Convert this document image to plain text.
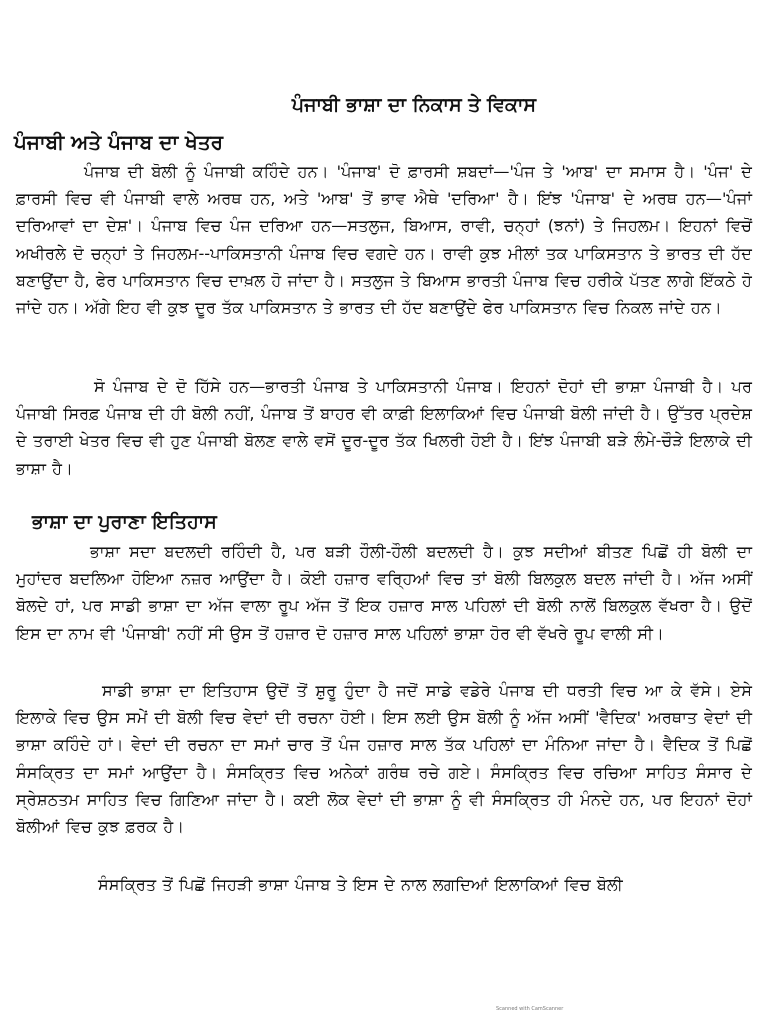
ਪੰਜਾਬੀ ਭਾਸ਼ਾ ਦਾ ਨਿਕਾਸ ਤੇ ਵਿਕਾਸ
ਪੰਜਾਬੀ ਅਤੇ ਪੰਜਾਬ ਦਾ ਖੇਤਰ

ਪੰਜਾਬ ਦੀ ਬੋਲੀ ਨੂੰ ਪੰਜਾਬੀ ਕਹਿੰਦੇ ਹਨ। 'ਪੰਜਾਬ' ਦੋ ਫ਼ਾਰਸੀ ਸ਼ਬਦਾਂ—'ਪੰਜ ਤੇ 'ਆਬ' ਦਾ ਸਮਾਸ ਹੈ। 'ਪੰਜ' ਦੇ ਫ਼ਾਰਸੀ ਵਿਚ ਵੀ ਪੰਜਾਬੀ ਵਾਲੇ ਅਰਥ ਹਨ, ਅਤੇ 'ਆਬ' ਤੋਂ ਭਾਵ ਐਥੇ 'ਦਰਿਆ' ਹੈ। ਇਂਝ 'ਪੰਜਾਬ' ਦੇ ਅਰਥ ਹਨ—'ਪੰਜਾਂ ਦਰਿਆਵਾਂ ਦਾ ਦੇਸ਼'। ਪੰਜਾਬ ਵਿਚ ਪੰਜ ਦਰਿਆ ਹਨ—ਸਤਲੁਜ, ਬਿਆਸ, ਰਾਵੀ, ਚਨ੍ਹਾਂ (ਝਨਾਂ) ਤੇ ਜਿਹਲਮ। ਇਹਨਾਂ ਵਿਚੋਂ ਅਖੀਰਲੇ ਦੋ ਚਨ੍ਹਾਂ ਤੇ ਜਿਹਲਮ--ਪਾਕਿਸਤਾਨੀ ਪੰਜਾਬ ਵਿਚ ਵਗਦੇ ਹਨ। ਰਾਵੀ ਕੁਝ ਮੀਲਾਂ ਤਕ ਪਾਕਿਸਤਾਨ ਤੇ ਭਾਰਤ ਦੀ ਹੱਦ ਬਣਾਉਂਦਾ ਹੈ, ਫੇਰ ਪਾਕਿਸਤਾਨ ਵਿਚ ਦਾਖ਼ਲ ਹੋ ਜਾਂਦਾ ਹੈ। ਸਤਲੁਜ ਤੇ ਬਿਆਸ ਭਾਰਤੀ ਪੰਜਾਬ ਵਿਚ ਹਰੀਕੇ ਪੱਤਣ ਲਾਗੇ ਇੱਕਠੇ ਹੋ ਜਾਂਦੇ ਹਨ। ਅੱਗੇ ਇਹ ਵੀ ਕੁਝ ਦੂਰ ਤੱਕ ਪਾਕਿਸਤਾਨ ਤੇ ਭਾਰਤ ਦੀ ਹੱਦ ਬਣਾਉਂਦੇ ਫੇਰ ਪਾਕਿਸਤਾਨ ਵਿਚ ਨਿਕਲ ਜਾਂਦੇ ਹਨ।

ਸੋ ਪੰਜਾਬ ਦੇ ਦੋ ਹਿੱਸੇ ਹਨ—ਭਾਰਤੀ ਪੰਜਾਬ ਤੇ ਪਾਕਿਸਤਾਨੀ ਪੰਜਾਬ। ਇਹਨਾਂ ਦੋਹਾਂ ਦੀ ਭਾਸ਼ਾ ਪੰਜਾਬੀ ਹੈ। ਪਰ ਪੰਜਾਬੀ ਸਿਰਫ਼ ਪੰਜਾਬ ਦੀ ਹੀ ਬੋਲੀ ਨਹੀਂ, ਪੰਜਾਬ ਤੋਂ ਬਾਹਰ ਵੀ ਕਾਫ਼ੀ ਇਲਾਕਿਆਂ ਵਿਚ ਪੰਜਾਬੀ ਬੋਲੀ ਜਾਂਦੀ ਹੈ। ਉੱਤਰ ਪ੍ਰਦੇਸ਼ ਦੇ ਤਰਾਈ ਖੇਤਰ ਵਿਚ ਵੀ ਹੁਣ ਪੰਜਾਬੀ ਬੋਲਣ ਵਾਲੇ ਵਸੋਂ ਦੂਰ-ਦੂਰ ਤੱਕ ਖਿਲਰੀ ਹੋਈ ਹੈ। ਇਂਝ ਪੰਜਾਬੀ ਬੜੇ ਲੰਮੇ-ਚੌੜੇ ਇਲਾਕੇ ਦੀ ਭਾਸ਼ਾ ਹੈ।

ਭਾਸ਼ਾ ਦਾ ਪੁਰਾਣਾ ਇਤਿਹਾਸ

ਭਾਸ਼ਾ ਸਦਾ ਬਦਲਦੀ ਰਹਿੰਦੀ ਹੈ, ਪਰ ਬੜੀ ਹੌਲੀ-ਹੌਲੀ ਬਦਲਦੀ ਹੈ। ਕੁਝ ਸਦੀਆਂ ਬੀਤਣ ਪਿਛੋਂ ਹੀ ਬੋਲੀ ਦਾ ਮੁਹਾਂਦਰ ਬਦਲਿਆ ਹੋਇਆ ਨਜ਼ਰ ਆਉਂਦਾ ਹੈ। ਕੋਈ ਹਜ਼ਾਰ ਵਰ੍ਹਿਆਂ ਵਿਚ ਤਾਂ ਬੋਲੀ ਬਿਲਕੁਲ ਬਦਲ ਜਾਂਦੀ ਹੈ। ਅੱਜ ਅਸੀਂ ਬੋਲਦੇ ਹਾਂ, ਪਰ ਸਾਡੀ ਭਾਸ਼ਾ ਦਾ ਅੱਜ ਵਾਲਾ ਰੂਪ ਅੱਜ ਤੋਂ ਇਕ ਹਜ਼ਾਰ ਸਾਲ ਪਹਿਲਾਂ ਦੀ ਬੋਲੀ ਨਾਲੋਂ ਬਿਲਕੁਲ ਵੱਖਰਾ ਹੈ। ਉਦੋਂ ਇਸ ਦਾ ਨਾਮ ਵੀ 'ਪੰਜਾਬੀ' ਨਹੀਂ ਸੀ ਉਸ ਤੋਂ ਹਜ਼ਾਰ ਦੋ ਹਜ਼ਾਰ ਸਾਲ ਪਹਿਲਾਂ ਭਾਸ਼ਾ ਹੋਰ ਵੀ ਵੱਖਰੇ ਰੂਪ ਵਾਲੀ ਸੀ।

ਸਾਡੀ ਭਾਸ਼ਾ ਦਾ ਇਤਿਹਾਸ ਉਦੋਂ ਤੋਂ ਸ਼ੁਰੂ ਹੁੰਦਾ ਹੈ ਜਦੋਂ ਸਾਡੇ ਵਡੇਰੇ ਪੰਜਾਬ ਦੀ ਧਰਤੀ ਵਿਚ ਆ ਕੇ ਵੱਸੇ। ਏਸੇ ਇਲਾਕੇ ਵਿਚ ਉਸ ਸਮੇਂ ਦੀ ਬੋਲੀ ਵਿਚ ਵੇਦਾਂ ਦੀ ਰਚਨਾ ਹੋਈ। ਇਸ ਲਈ ਉਸ ਬੋਲੀ ਨੂੰ ਅੱਜ ਅਸੀਂ 'ਵੈਦਿਕ' ਅਰਥਾਤ ਵੇਦਾਂ ਦੀ ਭਾਸ਼ਾ ਕਹਿੰਦੇ ਹਾਂ। ਵੇਦਾਂ ਦੀ ਰਚਨਾ ਦਾ ਸਮਾਂ ਚਾਰ ਤੋਂ ਪੰਜ ਹਜ਼ਾਰ ਸਾਲ ਤੱਕ ਪਹਿਲਾਂ ਦਾ ਮੰਨਿਆ ਜਾਂਦਾ ਹੈ। ਵੈਦਿਕ ਤੋਂ ਪਿਛੋਂ ਸੰਸਕ੍ਰਿਤ ਦਾ ਸਮਾਂ ਆਉਂਦਾ ਹੈ। ਸੰਸਕ੍ਰਿਤ ਵਿਚ ਅਨੇਕਾਂ ਗਰੰਥ ਰਚੇ ਗਏ। ਸੰਸਕ੍ਰਿਤ ਵਿਚ ਰਚਿਆ ਸਾਹਿਤ ਸੰਸਾਰ ਦੇ ਸ੍ਰੇਸ਼ਠਤਮ ਸਾਹਿਤ ਵਿਚ ਗਿਣਿਆ ਜਾਂਦਾ ਹੈ। ਕਈ ਲੋਕ ਵੇਦਾਂ ਦੀ ਭਾਸ਼ਾ ਨੂੰ ਵੀ ਸੰਸਕ੍ਰਿਤ ਹੀ ਮੰਨਦੇ ਹਨ, ਪਰ ਇਹਨਾਂ ਦੋਹਾਂ ਬੋਲੀਆਂ ਵਿਚ ਕੁਝ ਫ਼ਰਕ ਹੈ।

ਸੰਸਕ੍ਰਿਤ ਤੋਂ ਪਿਛੋਂ ਜਿਹੜੀ ਭਾਸ਼ਾ ਪੰਜਾਬ ਤੇ ਇਸ ਦੇ ਨਾਲ ਲਗਦਿਆਂ ਇਲਾਕਿਆਂ ਵਿਚ ਬੋਲੀ

Scanned with CamScanner
